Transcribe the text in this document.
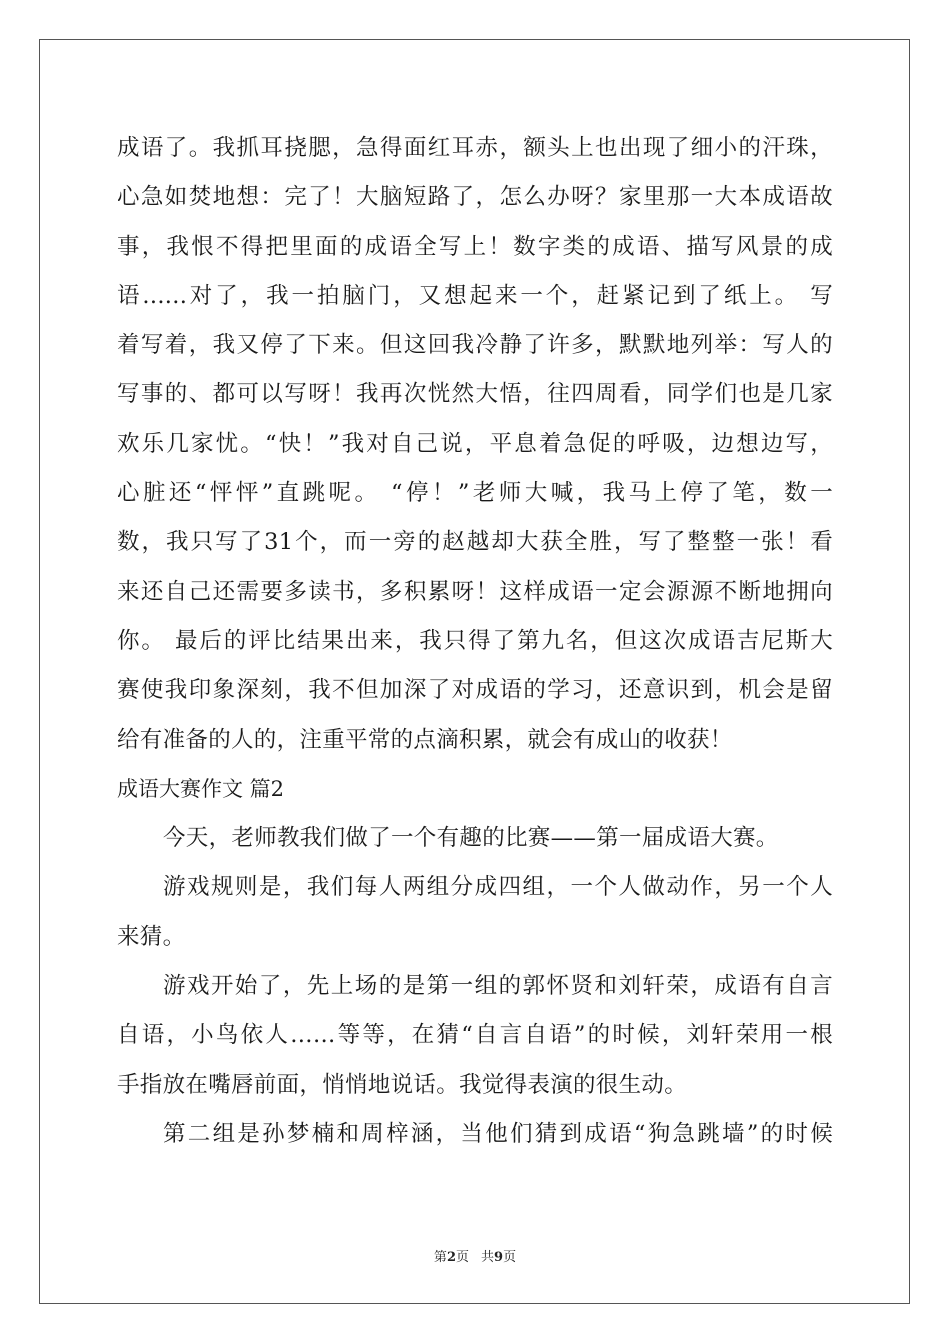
成语了。我抓耳挠腮，急得面红耳赤，额头上也出现了细小的汗珠，
心急如焚地想：完了！大脑短路了，怎么办呀？家里那一大本成语故
事，我恨不得把里面的成语全写上！数字类的成语、描写风景的成
语......对了，我一拍脑门，又想起来一个，赶紧记到了纸上。 写
着写着，我又停了下来。但这回我冷静了许多，默默地列举：写人的
写事的、都可以写呀！我再次恍然大悟，往四周看，同学们也是几家
欢乐几家忧。“快！”我对自己说，平息着急促的呼吸，边想边写，
心脏还“怦怦”直跳呢。 “停！”老师大喊，我马上停了笔，数一
数，我只写了31个，而一旁的赵越却大获全胜，写了整整一张！看
来还自己还需要多读书，多积累呀！这样成语一定会源源不断地拥向
你。 最后的评比结果出来，我只得了第九名，但这次成语吉尼斯大
赛使我印象深刻，我不但加深了对成语的学习，还意识到，机会是留
给有准备的人的，注重平常的点滴积累，就会有成山的收获！
成语大赛作文 篇2
今天，老师教我们做了一个有趣的比赛——第一届成语大赛。
游戏规则是，我们每人两组分成四组，一个人做动作，另一个人
来猜。
游戏开始了，先上场的是第一组的郭怀贤和刘轩荣，成语有自言
自语，小鸟依人……等等，在猜“自言自语”的时候，刘轩荣用一根
手指放在嘴唇前面，悄悄地说话。我觉得表演的很生动。
第二组是孙梦楠和周梓涵，当他们猜到成语“狗急跳墙”的时候
第2页 共9页
